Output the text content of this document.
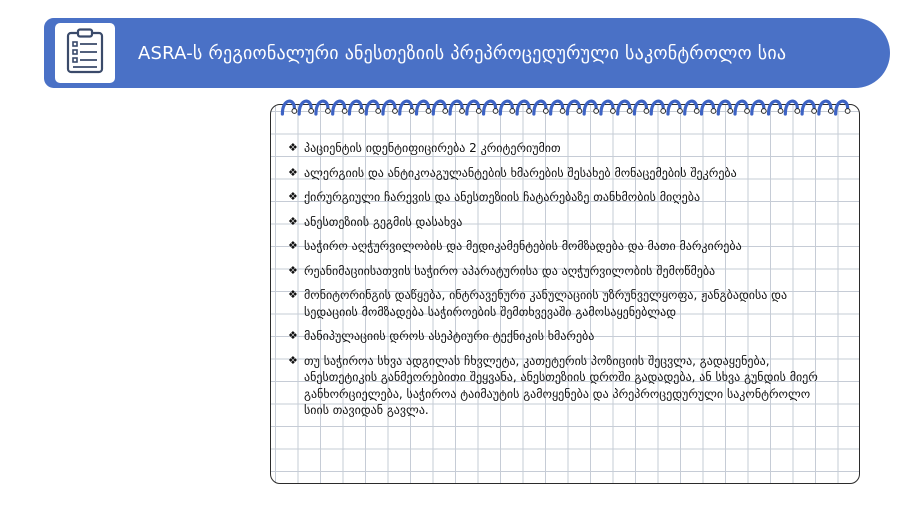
ASRA-ს რეგიონალური ანესთეზიის პრეპროცედურული საკონტროლო სია
❖ პაციენტის იდენტიფიცირება 2 კრიტერიუმით
❖ ალერგიის და ანტიკოაგულანტების ხმარების შესახებ მონაცემების შეკრება
❖ ქირურგიული ჩარევის და ანესთეზიის ჩატარებაზე თანხმობის მიღება
❖ ანესთეზიის გეგმის დასახვა
❖ საჭირო აღჭურვილობის და მედიკამენტების მომზადება და მათი მარკირება
❖ რეანიმაციისათვის საჭირო აპარატურისა და აღჭურვილობის შემოწმება
❖ მონიტორინგის დაწყება, ინტრავენური კანულაციის უზრუნველყოფა, ჟანგბადისა და სედაციის მომზადება საჭიროების შემთხვევაში გამოსაყენებლად
❖ მანიპულაციის დროს ასეპტიური ტექნიკის ხმარება
❖ თუ საჭიროა სხვა ადგილას ჩხვლეტა, კათეტერის პოზიციის შეცვლა, გადაყენება, ანესთეტიკის განმეორებითი შეყვანა, ანესთეზიის დროში გადადება, ან სხვა გუნდის მიერ განხორციელება, საჭიროა ტაიმაუტის გამოყენება და პრეპროცედურული საკონტროლო სიის თავიდან გავლა.
